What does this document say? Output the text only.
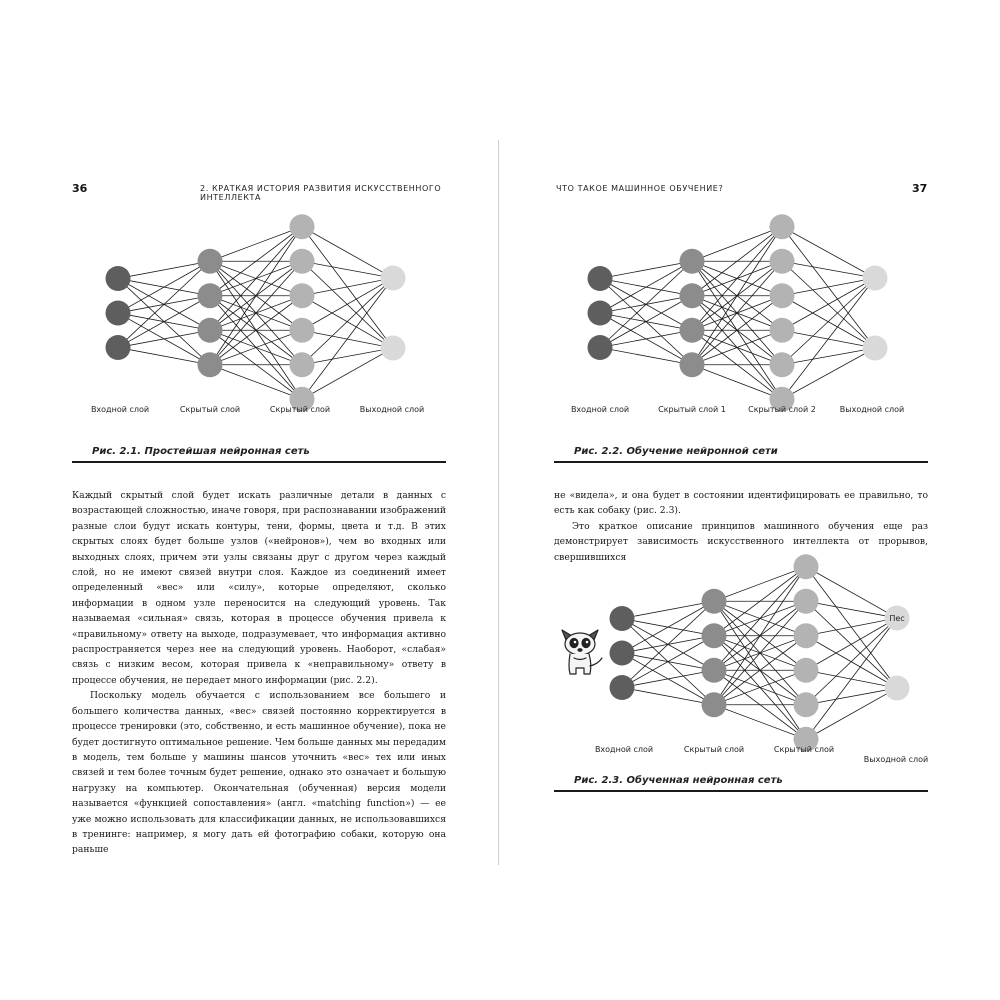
36	2. КРАТКАЯ ИСТОРИЯ РАЗВИТИЯ ИСКУССТВЕННОГО ИНТЕЛЛЕКТА
Входной слой	Скрытый слой	Скрытый слой	Выходной слой
Рис. 2.1. Простейшая нейронная сеть

Каждый скрытый слой будет искать различные детали в данных с возрастающей сложностью, иначе говоря, при распознавании изображений разные слои будут искать контуры, тени, формы, цвета и т.д. В этих скрытых слоях будет больше узлов («нейронов»), чем во входных или выходных слоях, причем эти узлы связаны друг с другом через каждый слой, но не имеют связей внутри слоя. Каждое из соединений имеет определенный «вес» или «силу», которые определяют, сколько информации в одном узле переносится на следующий уровень. Так называемая «сильная» связь, которая в процессе обучения привела к «правильному» ответу на выходе, подразумевает, что информация активно распространяется через нее на следующий уровень. Наоборот, «слабая» связь с низким весом, которая привела к «неправильному» ответу в процессе обучения, не передает много информации (рис. 2.2).

Поскольку модель обучается с использованием все большего и большего количества данных, «вес» связей постоянно корректируется в процессе тренировки (это, собственно, и есть машинное обучение), пока не будет достигнуто оптимальное решение. Чем больше данных мы передадим в модель, тем больше у машины шансов уточнить «вес» тех или иных связей и тем более точным будет решение, однако это означает и большую нагрузку на компьютер. Окончательная (обученная) версия модели называется «функцией сопоставления» (англ. «matching function») — ее уже можно использовать для классификации данных, не использовавшихся в тренинге: например, я могу дать ей фотографию собаки, которую она раньше

ЧТО ТАКОЕ МАШИННОЕ ОБУЧЕНИЕ?	37
Входной слой	Скрытый слой 1	Скрытый слой 2	Выходной слой
Рис. 2.2. Обучение нейронной сети

не «видела», и она будет в состоянии идентифицировать ее правильно, то есть как собаку (рис. 2.3).

Это краткое описание принципов машинного обучения еще раз демонстрирует зависимость искусственного интеллекта от прорывов, свершившихся

Пес
Входной слой	Скрытый слой	Скрытый слой
Выходной слой
Рис. 2.3. Обученная нейронная сеть
